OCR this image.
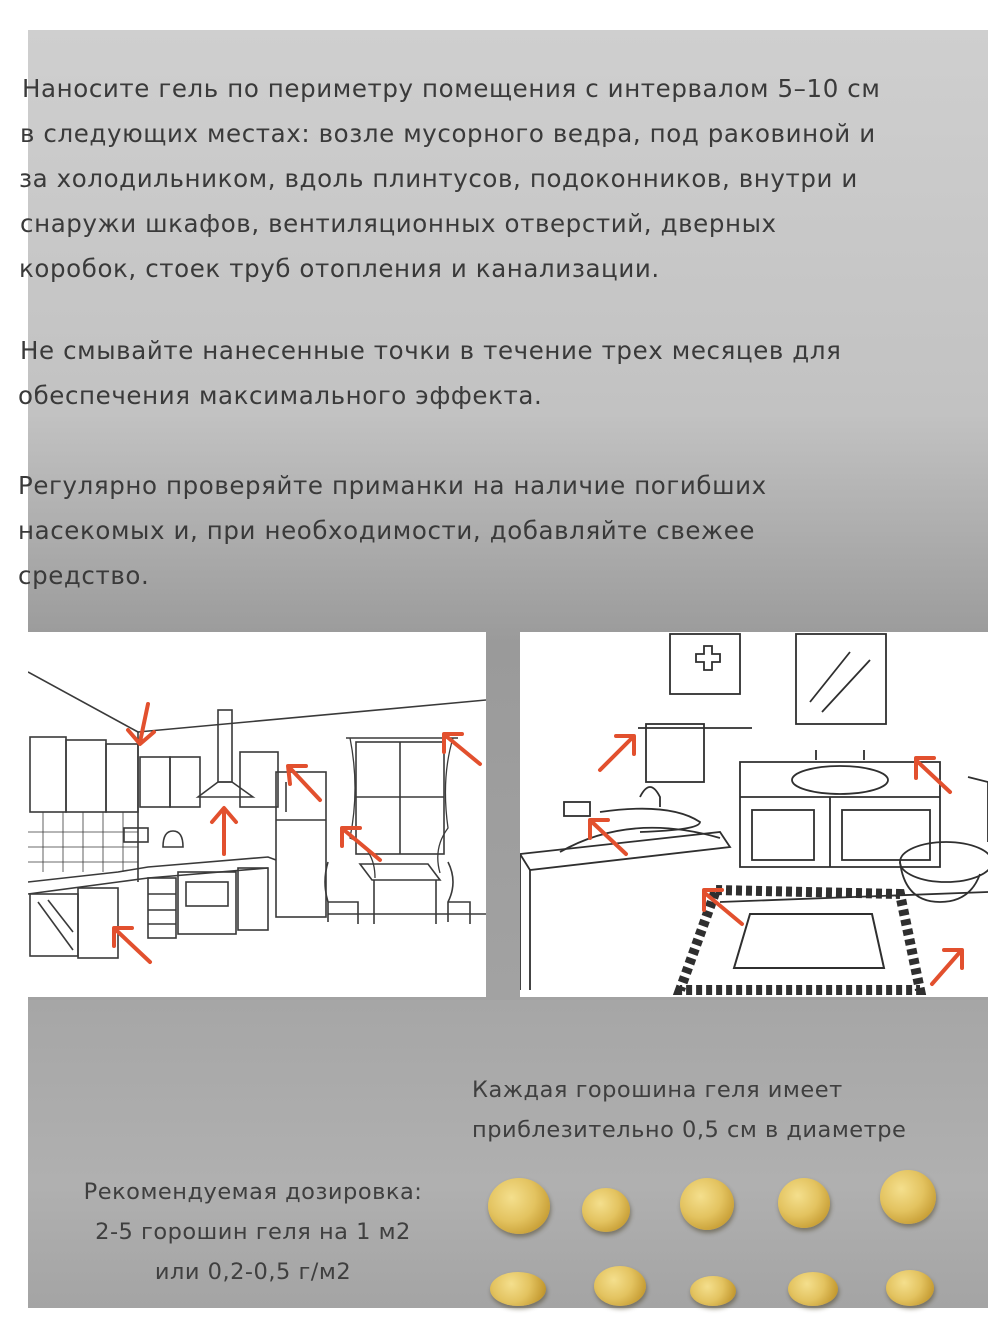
Наносите гель по периметру помещения с интервалом 5–10 см

в следующих местах: возле мусорного ведра, под раковиной и

за холодильником, вдоль плинтусов, подоконников, внутри и

снаружи шкафов, вентиляционных отверстий, дверных

коробок, стоек труб отопления и канализации.

Не смывайте нанесенные точки в течение трех месяцев для

обеспечения максимального эффекта.

Регулярно проверяйте приманки на наличие погибших

насекомых и, при необходимости, добавляйте свежее

средство.

Каждая горошина геля имеет
приблезительно 0,5 см в диаметре
Рекомендуемая дозировка:
2-5 горошин геля на 1 м2
или 0,2-0,5 г/м2
